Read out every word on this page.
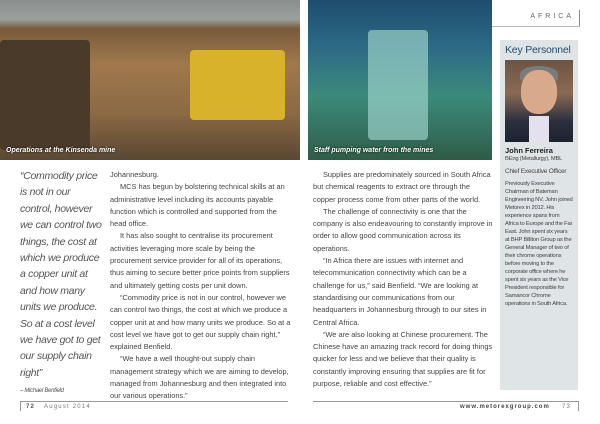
Operations at the Kinsenda mine	Staff pumping water from the mines
AFRICA
“Commodity price is not in our control, however we can control two things, the cost at which we produce a copper unit at and how many units we produce. So at a cost level we have got to get our supply chain right”
– Michael Benfield

Johannesburg.

MCS has begun by bolstering technical skills at an administrative level including its accounts payable function which is controlled and supported from the head office.

It has also sought to centralise its procurement activities leveraging more scale by being the procurement service provider for all of its operations, thus aiming to secure better price points from suppliers and ultimately getting costs per unit down.

“Commodity price is not in our control, however we can control two things, the cost at which we produce a copper unit at and how many units we produce. So at a cost level we have got to get our supply chain right,” explained Benfield.

“We have a well thought-out supply chain management strategy which we are aiming to develop, managed from Johannesburg and then integrated into our various operations.”

Supplies are predominately sourced in South Africa but chemical reagents to extract ore through the copper process come from other parts of the world.

The challenge of connectivity is one that the company is also endeavouring to constantly improve in order to allow good communication across its operations.

“In Africa there are issues with internet and telecommunication connectivity which can be a challenge for us,” said Benfield. “We are looking at standardising our communications from our headquarters in Johannesburg through to our sites in Central Africa.

“We are also looking at Chinese procurement. The Chinese have an amazing track record for doing things quicker for less and we believe that their quality is constantly improving ensuring that supplies are fit for purpose, reliable and cost effective.”

Key Personnel
John Ferreira
BEng (Metallurgy), MBL
Chief Executive Officer
Previously Executive Chairman of Bateman Engineering NV, John joined Metorex in 2012. His experience spans from Africa to Europe and the Far East. John spent six years at BHP Billiton Group as the General Manager of two of their chrome operations before moving to the corporate office where he spent six years as the Vice President responsible for Samancor Chrome operations in South Africa.
72 August 2014	www.metorexgroup.com 73
